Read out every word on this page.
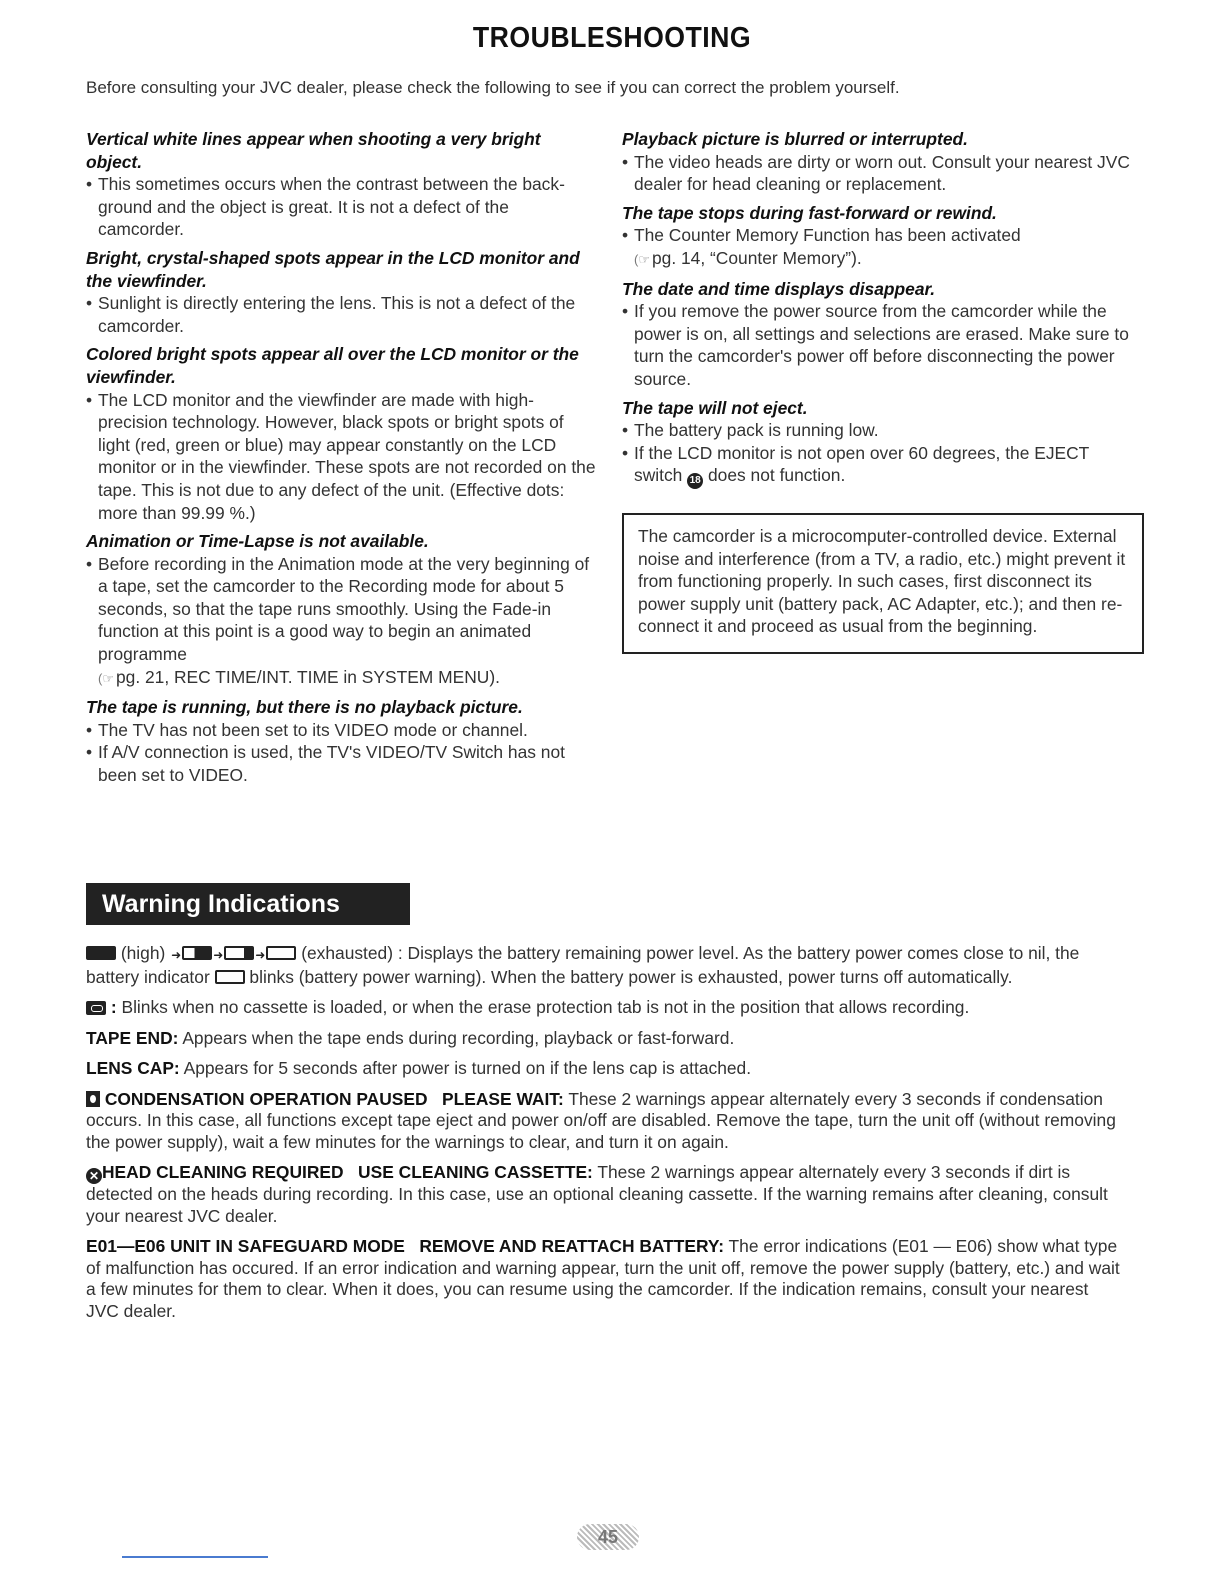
TROUBLESHOOTING
Before consulting your JVC dealer, please check the following to see if you can correct the problem yourself.
Vertical white lines appear when shooting a very bright object.
• This sometimes occurs when the contrast between the back-ground and the object is great. It is not a defect of the camcorder.
Bright, crystal-shaped spots appear in the LCD monitor and the viewfinder.
• Sunlight is directly entering the lens. This is not a defect of the camcorder.
Colored bright spots appear all over the LCD monitor or the viewfinder.
• The LCD monitor and the viewfinder are made with high-precision technology. However, black spots or bright spots of light (red, green or blue) may appear constantly on the LCD monitor or in the viewfinder. These spots are not recorded on the tape. This is not due to any defect of the unit. (Effective dots: more than 99.99 %.)
Animation or Time-Lapse is not available.
• Before recording in the Animation mode at the very beginning of a tape, set the camcorder to the Recording mode for about 5 seconds, so that the tape runs smoothly. Using the Fade-in function at this point is a good way to begin an animated programme
(☞ pg. 21, REC TIME/INT. TIME in SYSTEM MENU).
The tape is running, but there is no playback picture.
• The TV has not been set to its VIDEO mode or channel.
• If A/V connection is used, the TV's VIDEO/TV Switch has not been set to VIDEO.
Playback picture is blurred or interrupted.
• The video heads are dirty or worn out. Consult your nearest JVC dealer for head cleaning or replacement.
The tape stops during fast-forward or rewind.
• The Counter Memory Function has been activated
(☞ pg. 14, “Counter Memory”).
The date and time displays disappear.
• If you remove the power source from the camcorder while the power is on, all settings and selections are erased. Make sure to turn the camcorder's power off before disconnecting the power source.
The tape will not eject.
• The battery pack is running low.
• If the LCD monitor is not open over 60 degrees, the EJECT switch 18 does not function.
The camcorder is a microcomputer-controlled device. External noise and interference (from a TV, a radio, etc.) might prevent it from functioning properly. In such cases, first disconnect its power supply unit (battery pack, AC Adapter, etc.); and then re-connect it and proceed as usual from the beginning.
Warning Indications

(high) ➜	➜	➜ (exhausted) : Displays the battery remaining power level. As the battery power comes close to nil, the battery indicator blinks (battery power warning). When the battery power is exhausted, power turns off automatically.

: Blinks when no cassette is loaded, or when the erase protection tab is not in the position that allows recording.

TAPE END: Appears when the tape ends during recording, playback or fast-forward.

LENS CAP: Appears for 5 seconds after power is turned on if the lens cap is attached.

CONDENSATION OPERATION PAUSED   PLEASE WAIT: These 2 warnings appear alternately every 3 seconds if condensation occurs. In this case, all functions except tape eject and power on/off are disabled. Remove the tape, turn the unit off (without removing the power supply), wait a few minutes for the warnings to clear, and turn it on again.

✕ HEAD CLEANING REQUIRED   USE CLEANING CASSETTE: These 2 warnings appear alternately every 3 seconds if dirt is detected on the heads during recording. In this case, use an optional cleaning cassette. If the warning remains after cleaning, consult your nearest JVC dealer.

E01—E06 UNIT IN SAFEGUARD MODE   REMOVE AND REATTACH BATTERY: The error indications (E01 — E06) show what type of malfunction has occured. If an error indication and warning appear, turn the unit off, remove the power supply (battery, etc.) and wait a few minutes for them to clear. When it does, you can resume using the camcorder. If the indication remains, consult your nearest JVC dealer.

45
